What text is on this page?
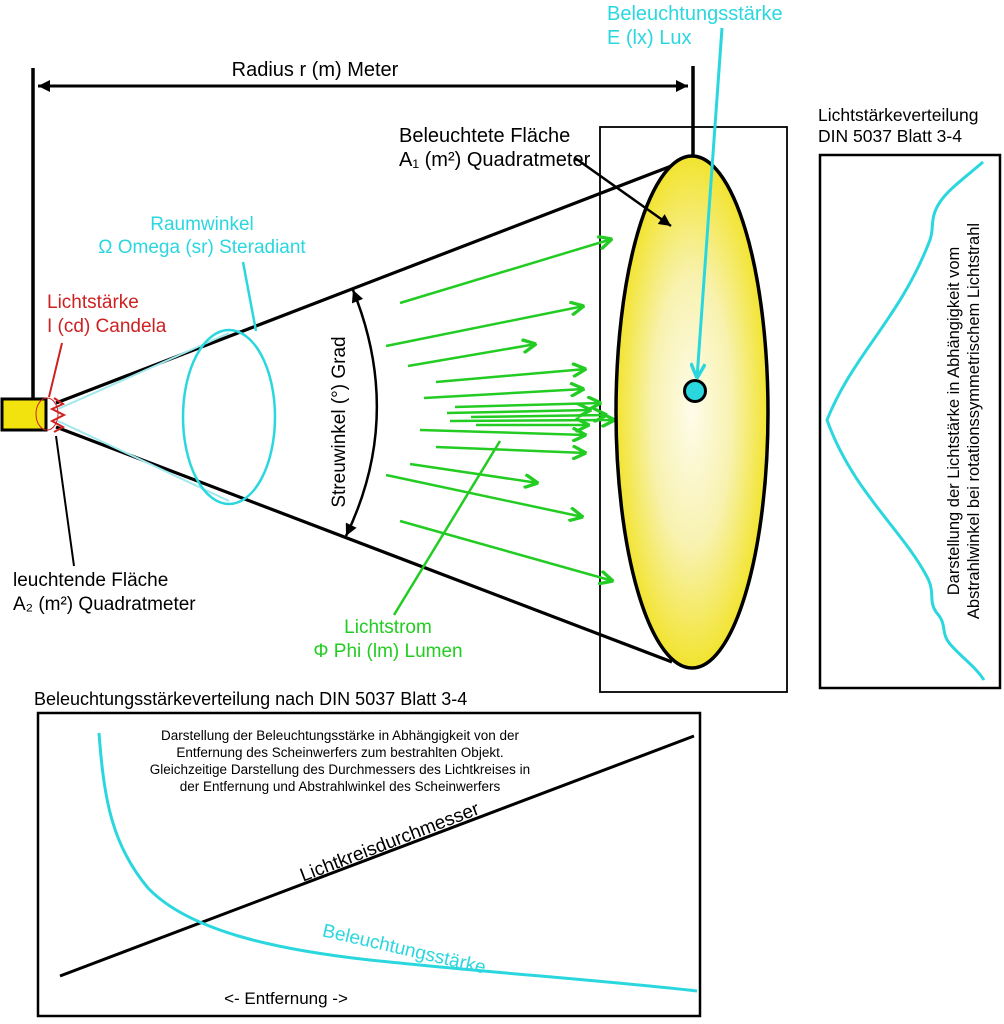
Beleuchtungsstärke
E (lx) Lux
Radius r (m) Meter
Beleuchtete Fläche
A₁ (m²) Quadratmeter
Raumwinkel
Ω Omega (sr) Steradiant
Lichtstärke
I (cd) Candela
Streuwinkel (°) Grad
leuchtende Fläche
A₂ (m²) Quadratmeter
Lichtstrom
Φ Phi (lm) Lumen
Lichtstärkeverteilung
DIN 5037 Blatt 3-4
Darstellung der Lichtstärke in Abhängigkeit vom Abstrahlwinkel bei rotationssymmetrischem Lichtstrahl
Beleuchtungsstärkeverteilung nach DIN 5037 Blatt 3-4
Darstellung der Beleuchtungsstärke in Abhängigkeit von der
Entfernung des Scheinwerfers zum bestrahlten Objekt.
Gleichzeitige Darstellung des Durchmessers des Lichtkreises in
der Entfernung und Abstrahlwinkel des Scheinwerfers
Lichtkreisdurchmesser
Beleuchtungsstärke
<- Entfernung ->
